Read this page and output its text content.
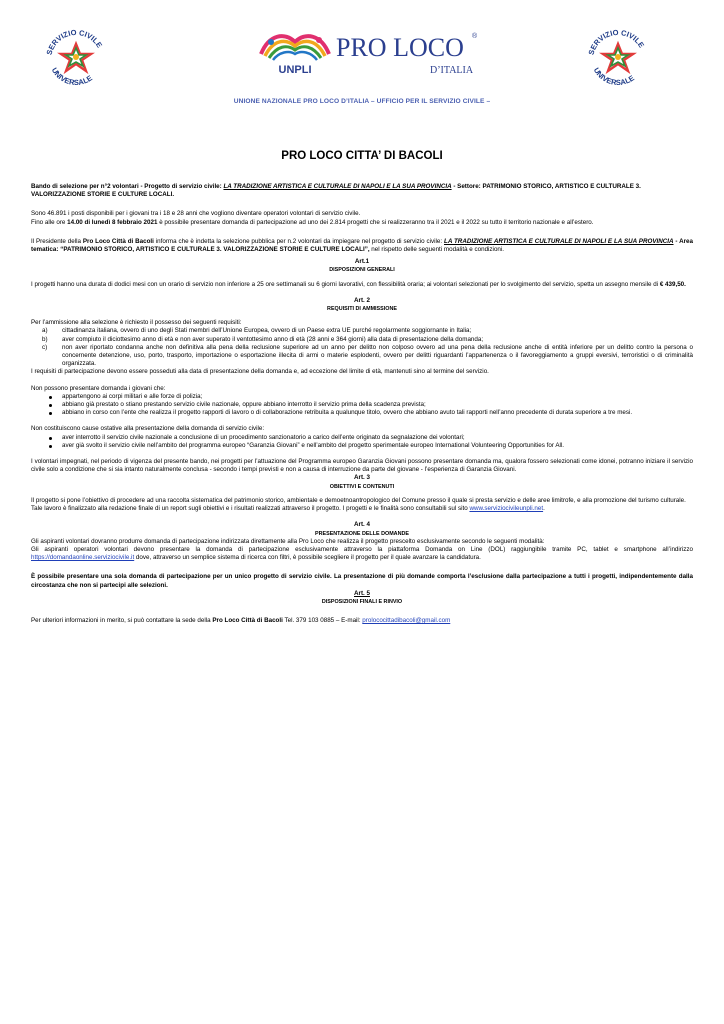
SERVIZIO CIVILE
UNIVERSALE
UNPLI
PRO LOCO ®
D’ITALIA
SERVIZIO CIVILE
UNIVERSALE
UNIONE NAZIONALE PRO LOCO D’ITALIA – UFFICIO PER IL SERVIZIO CIVILE –
PRO LOCO CITTA’ DI BACOLI

Bando di selezione per n°2 volontari - Progetto di servizio civile: LA TRADIZIONE ARTISTICA E CULTURALE DI NAPOLI E LA SUA PROVINCIA - Settore: PATRIMONIO STORICO, ARTISTICO E CULTURALE 3. VALORIZZAZIONE STORIE E CULTURE LOCALI.

Sono 46.891 i posti disponibili per i giovani tra i 18 e 28 anni che vogliono diventare operatori volontari di servizio civile.

Fino alle ore 14.00 di lunedì 8 febbraio 2021 è possibile presentare domanda di partecipazione ad uno dei 2.814 progetti che si realizzeranno tra il 2021 e il 2022 su tutto il territorio nazionale e all’estero.

Il Presidente della Pro Loco Città di Bacoli informa che è indetta la selezione pubblica per n.2 volontari da impiegare nel progetto di servizio civile: LA TRADIZIONE ARTISTICA E CULTURALE DI NAPOLI E LA SUA PROVINCIA - Area tematica: “PATRIMONIO STORICO, ARTISTICO E CULTURALE 3. VALORIZZAZIONE STORIE E CULTURE LOCALI”, nel rispetto delle seguenti modalità e condizioni.

Art.1
DISPOSIZIONI GENERALI

I progetti hanno una durata di dodici mesi con un orario di servizio non inferiore a 25 ore settimanali su 6 giorni lavorativi, con flessibilità oraria; ai volontari selezionati per lo svolgimento del servizio, spetta un assegno mensile di € 439,50.

Art. 2
REQUISITI DI AMMISSIONE

Per l’ammissione alla selezione è richiesto il possesso dei seguenti requisiti:

a) cittadinanza italiana, ovvero di uno degli Stati membri dell’Unione Europea, ovvero di un Paese extra UE purché regolarmente soggiornante in Italia;
b) aver compiuto il diciottesimo anno di età e non aver superato il ventottesimo anno di età (28 anni e 364 giorni) alla data di presentazione della domanda;
c) non aver riportato condanna anche non definitiva alla pena della reclusione superiore ad un anno per delitto non colposo ovvero ad una pena della reclusione anche di entità inferiore per un delitto contro la persona o concernente detenzione, uso, porto, trasporto, importazione o esportazione illecita di armi o materie esplodenti, ovvero per delitti riguardanti l’appartenenza o il favoreggiamento a gruppi eversivi, terroristici o di criminalità organizzata.

I requisiti di partecipazione devono essere posseduti alla data di presentazione della domanda e, ad eccezione del limite di età, mantenuti sino al termine del servizio.

Non possono presentare domanda i giovani che:

appartengono ai corpi militari e alle forze di polizia;
abbiano già prestato o stiano prestando servizio civile nazionale, oppure abbiano interrotto il servizio prima della scadenza prevista;
abbiano in corso con l’ente che realizza il progetto rapporti di lavoro o di collaborazione retribuita a qualunque titolo, ovvero che abbiano avuto tali rapporti nell’anno precedente di durata superiore a tre mesi.

Non costituiscono cause ostative alla presentazione della domanda di servizio civile:

aver interrotto il servizio civile nazionale a conclusione di un procedimento sanzionatorio a carico dell’ente originato da segnalazione dei volontari;
aver già svolto il servizio civile nell’ambito del programma europeo “Garanzia Giovani” e nell’ambito del progetto sperimentale europeo International Volunteering Opportunities for All.

I volontari impegnati, nel periodo di vigenza del presente bando, nei progetti per l’attuazione del Programma europeo Garanzia Giovani possono presentare domanda ma, qualora fossero selezionati come idonei, potranno iniziare il servizio civile solo a condizione che si sia intanto naturalmente conclusa - secondo i tempi previsti e non a causa di interruzione da parte del giovane - l’esperienza di Garanzia Giovani.

Art. 3
OBIETTIVI E CONTENUTI

Il progetto si pone l’obiettivo di procedere ad una raccolta sistematica del patrimonio storico, ambientale e demoetnoantropologico del Comune presso il quale si presta servizio e delle aree limitrofe, e alla promozione del turismo culturale.

Tale lavoro è finalizzato alla redazione finale di un report sugli obiettivi e i risultati realizzati attraverso il progetto. I progetti e le finalità sono consultabili sul sito www.serviziocivileunpli.net.

Art. 4
PRESENTAZIONE DELLE DOMANDE

Gli aspiranti volontari dovranno produrre domanda di partecipazione indirizzata direttamente alla Pro Loco che realizza il progetto prescelto esclusivamente secondo le seguenti modalità:

Gli aspiranti operatori volontari devono presentare la domanda di partecipazione esclusivamente attraverso la piattaforma Domanda on Line (DOL) raggiungibile tramite PC, tablet e smartphone all’indirizzo https://domandaonline.serviziocivile.it dove, attraverso un semplice sistema di ricerca con filtri, è possibile scegliere il progetto per il quale avanzare la candidatura.

È possibile presentare una sola domanda di partecipazione per un unico progetto di servizio civile. La presentazione di più domande comporta l’esclusione dalla partecipazione a tutti i progetti, indipendentemente dalla circostanza che non si partecipi alle selezioni.

Art. 5
DISPOSIZIONI FINALI E RINVIO

Per ulteriori informazioni in merito, si può contattare la sede della Pro Loco Città di Bacoli Tel. 379 103 0885 – E-mail: prolococittadibacoli@gmail.com
